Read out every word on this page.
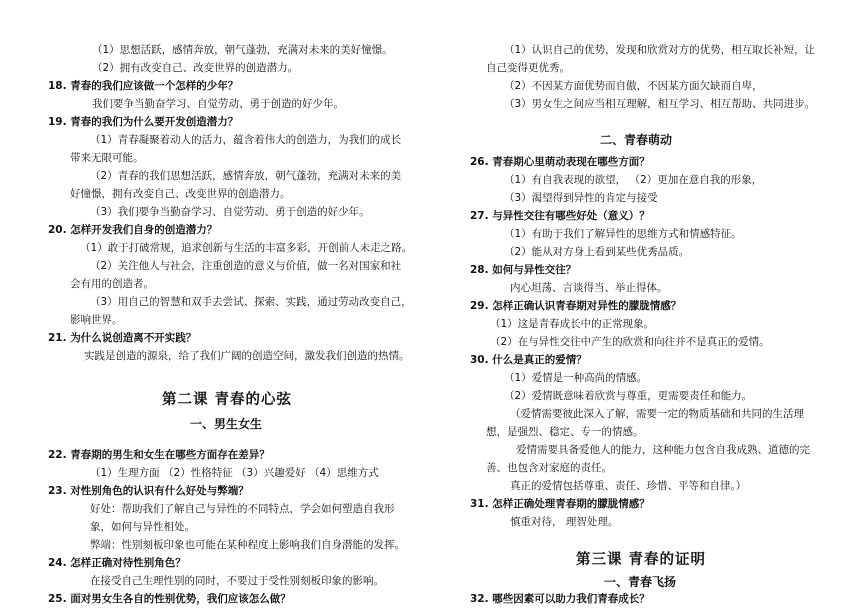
（1）思想活跃，感情奔放，朝气蓬勃，充满对未来的美好憧憬。
（2）拥有改变自己、改变世界的创造潜力。
18. 青春的我们应该做一个怎样的少年？
我们要争当勤奋学习、自觉劳动、勇于创造的好少年。
19. 青春的我们为什么要开发创造潜力？
（1）青春凝聚着动人的活力，蕴含着伟大的创造力，为我们的成长
带来无限可能。
（2）青春的我们思想活跃，感情奔放，朝气蓬勃，充满对未来的美
好憧憬，拥有改变自己、改变世界的创造潜力。
（3）我们要争当勤奋学习、自觉劳动、勇于创造的好少年。
20. 怎样开发我们自身的创造潜力？
（1）敢于打破常规，追求创新与生活的丰富多彩，开创前人未走之路。
（2）关注他人与社会，注重创造的意义与价值，做一名对国家和社
会有用的创造者。
（3）用自己的智慧和双手去尝试、探索、实践，通过劳动改变自己，
影响世界。
21. 为什么说创造离不开实践？
实践是创造的源泉，给了我们广阔的创造空间，激发我们创造的热情。
第二课 青春的心弦
一、男生女生
22. 青春期的男生和女生在哪些方面存在差异？
（1）生理方面 （2）性格特征 （3）兴趣爱好 （4）思维方式
23. 对性别角色的认识有什么好处与弊端？
好处：帮助我们了解自己与异性的不同特点，学会如何塑造自我形
象，如何与异性相处。
弊端：性别刻板印象也可能在某种程度上影响我们自身潜能的发挥。
24. 怎样正确对待性别角色？
在接受自己生理性别的同时，不要过于受性别刻板印象的影响。
25. 面对男女生各自的性别优势，我们应该怎么做？
（1）认识自己的优势，发现和欣赏对方的优势，相互取长补短，让
自己变得更优秀。
（2）不因某方面优势而自傲，不因某方面欠缺而自卑，
（3）男女生之间应当相互理解，相互学习、相互帮助、共同进步。
二、青春萌动
26. 青春期心里萌动表现在哪些方面？
（1）有自我表现的欲望， （2）更加在意自我的形象，
（3）渴望得到异性的肯定与接受
27. 与异性交往有哪些好处（意义）？
（1）有助于我们了解异性的思维方式和情感特征。
（2）能从对方身上看到某些优秀品质。
28. 如何与异性交往？
内心坦荡、言谈得当、举止得体。
29. 怎样正确认识青春期对异性的朦胧情感？
（1）这是青春成长中的正常现象。
（2）在与异性交往中产生的欣赏和向往并不是真正的爱情。
30. 什么是真正的爱情？
（1）爱情是一种高尚的情感。
（2）爱情既意味着欣赏与尊重，更需要责任和能力。
（爱情需要彼此深入了解，需要一定的物质基础和共同的生活理
想，是强烈、稳定、专一的情感。
爱情需要具备爱他人的能力，这种能力包含自我成熟、道德的完
善、也包含对家庭的责任。
真正的爱情包括尊重、责任、珍惜、平等和自律。）
31. 怎样正确处理青春期的朦胧情感？
慎重对待， 理智处理。
第三课 青春的证明
一、青春飞扬
32. 哪些因素可以助力我们青春成长？
